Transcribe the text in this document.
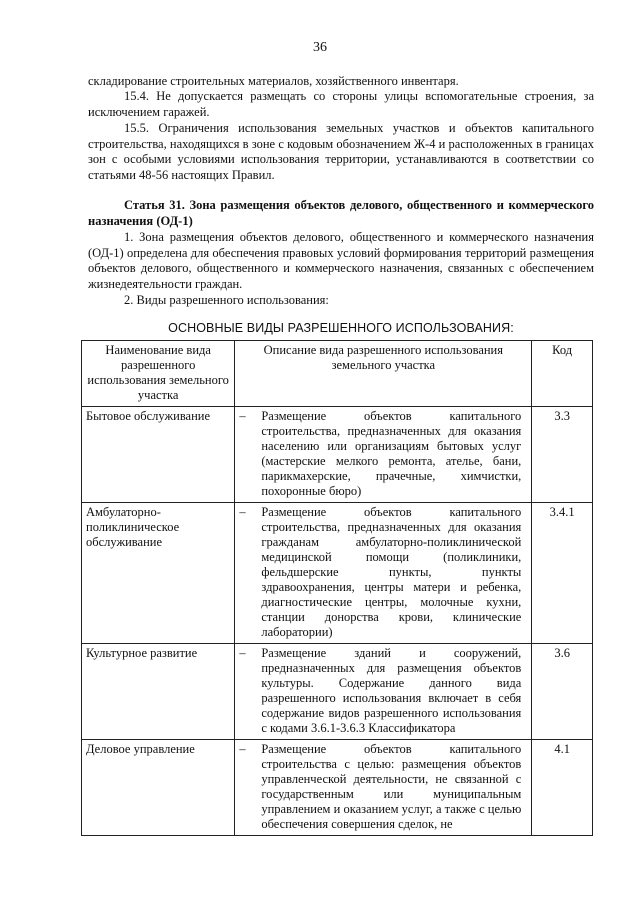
36
складирование строительных материалов, хозяйственного инвентаря.
15.4. Не допускается размещать со стороны улицы вспомогательные строения, за исключением гаражей.
15.5. Ограничения использования земельных участков и объектов капитального строительства, находящихся в зоне с кодовым обозначением Ж-4 и расположенных в границах зон с особыми условиями использования территории, устанавливаются в соответствии со статьями 48-56 настоящих Правил.
Статья 31. Зона размещения объектов делового, общественного и коммерческого назначения (ОД-1)
1. Зона размещения объектов делового, общественного и коммерческого назначения (ОД-1) определена для обеспечения правовых условий формирования территорий размещения объектов делового, общественного и коммерческого назначения, связанных с обеспечением жизнедеятельности граждан.
2. Виды разрешенного использования:
ОСНОВНЫЕ ВИДЫ РАЗРЕШЕННОГО ИСПОЛЬЗОВАНИЯ:
Наименование вида разрешенного использования земельного участка	Описание вида разрешенного использования земельного участка	Код
Бытовое обслуживание	– Размещение объектов капитального строительства, предназначенных для оказания населению или организациям бытовых услуг (мастерские мелкого ремонта, ателье, бани, парикмахерские, прачечные, химчистки, похоронные бюро)	3.3
Амбулаторно-поликлиническое обслуживание	– Размещение объектов капитального строительства, предназначенных для оказания гражданам амбулаторно-поликлинической медицинской помощи (поликлиники, фельдшерские пункты, пункты здравоохранения, центры матери и ребенка, диагностические центры, молочные кухни, станции донорства крови, клинические лаборатории)	3.4.1
Культурное развитие	– Размещение зданий и сооружений, предназначенных для размещения объектов культуры. Содержание данного вида разрешенного использования включает в себя содержание видов разрешенного использования с кодами 3.6.1-3.6.3 Классификатора	3.6
Деловое управление	– Размещение объектов капитального строительства с целью: размещения объектов управленческой деятельности, не связанной с государственным или муниципальным управлением и оказанием услуг, а также с целью обеспечения совершения сделок, не	4.1
